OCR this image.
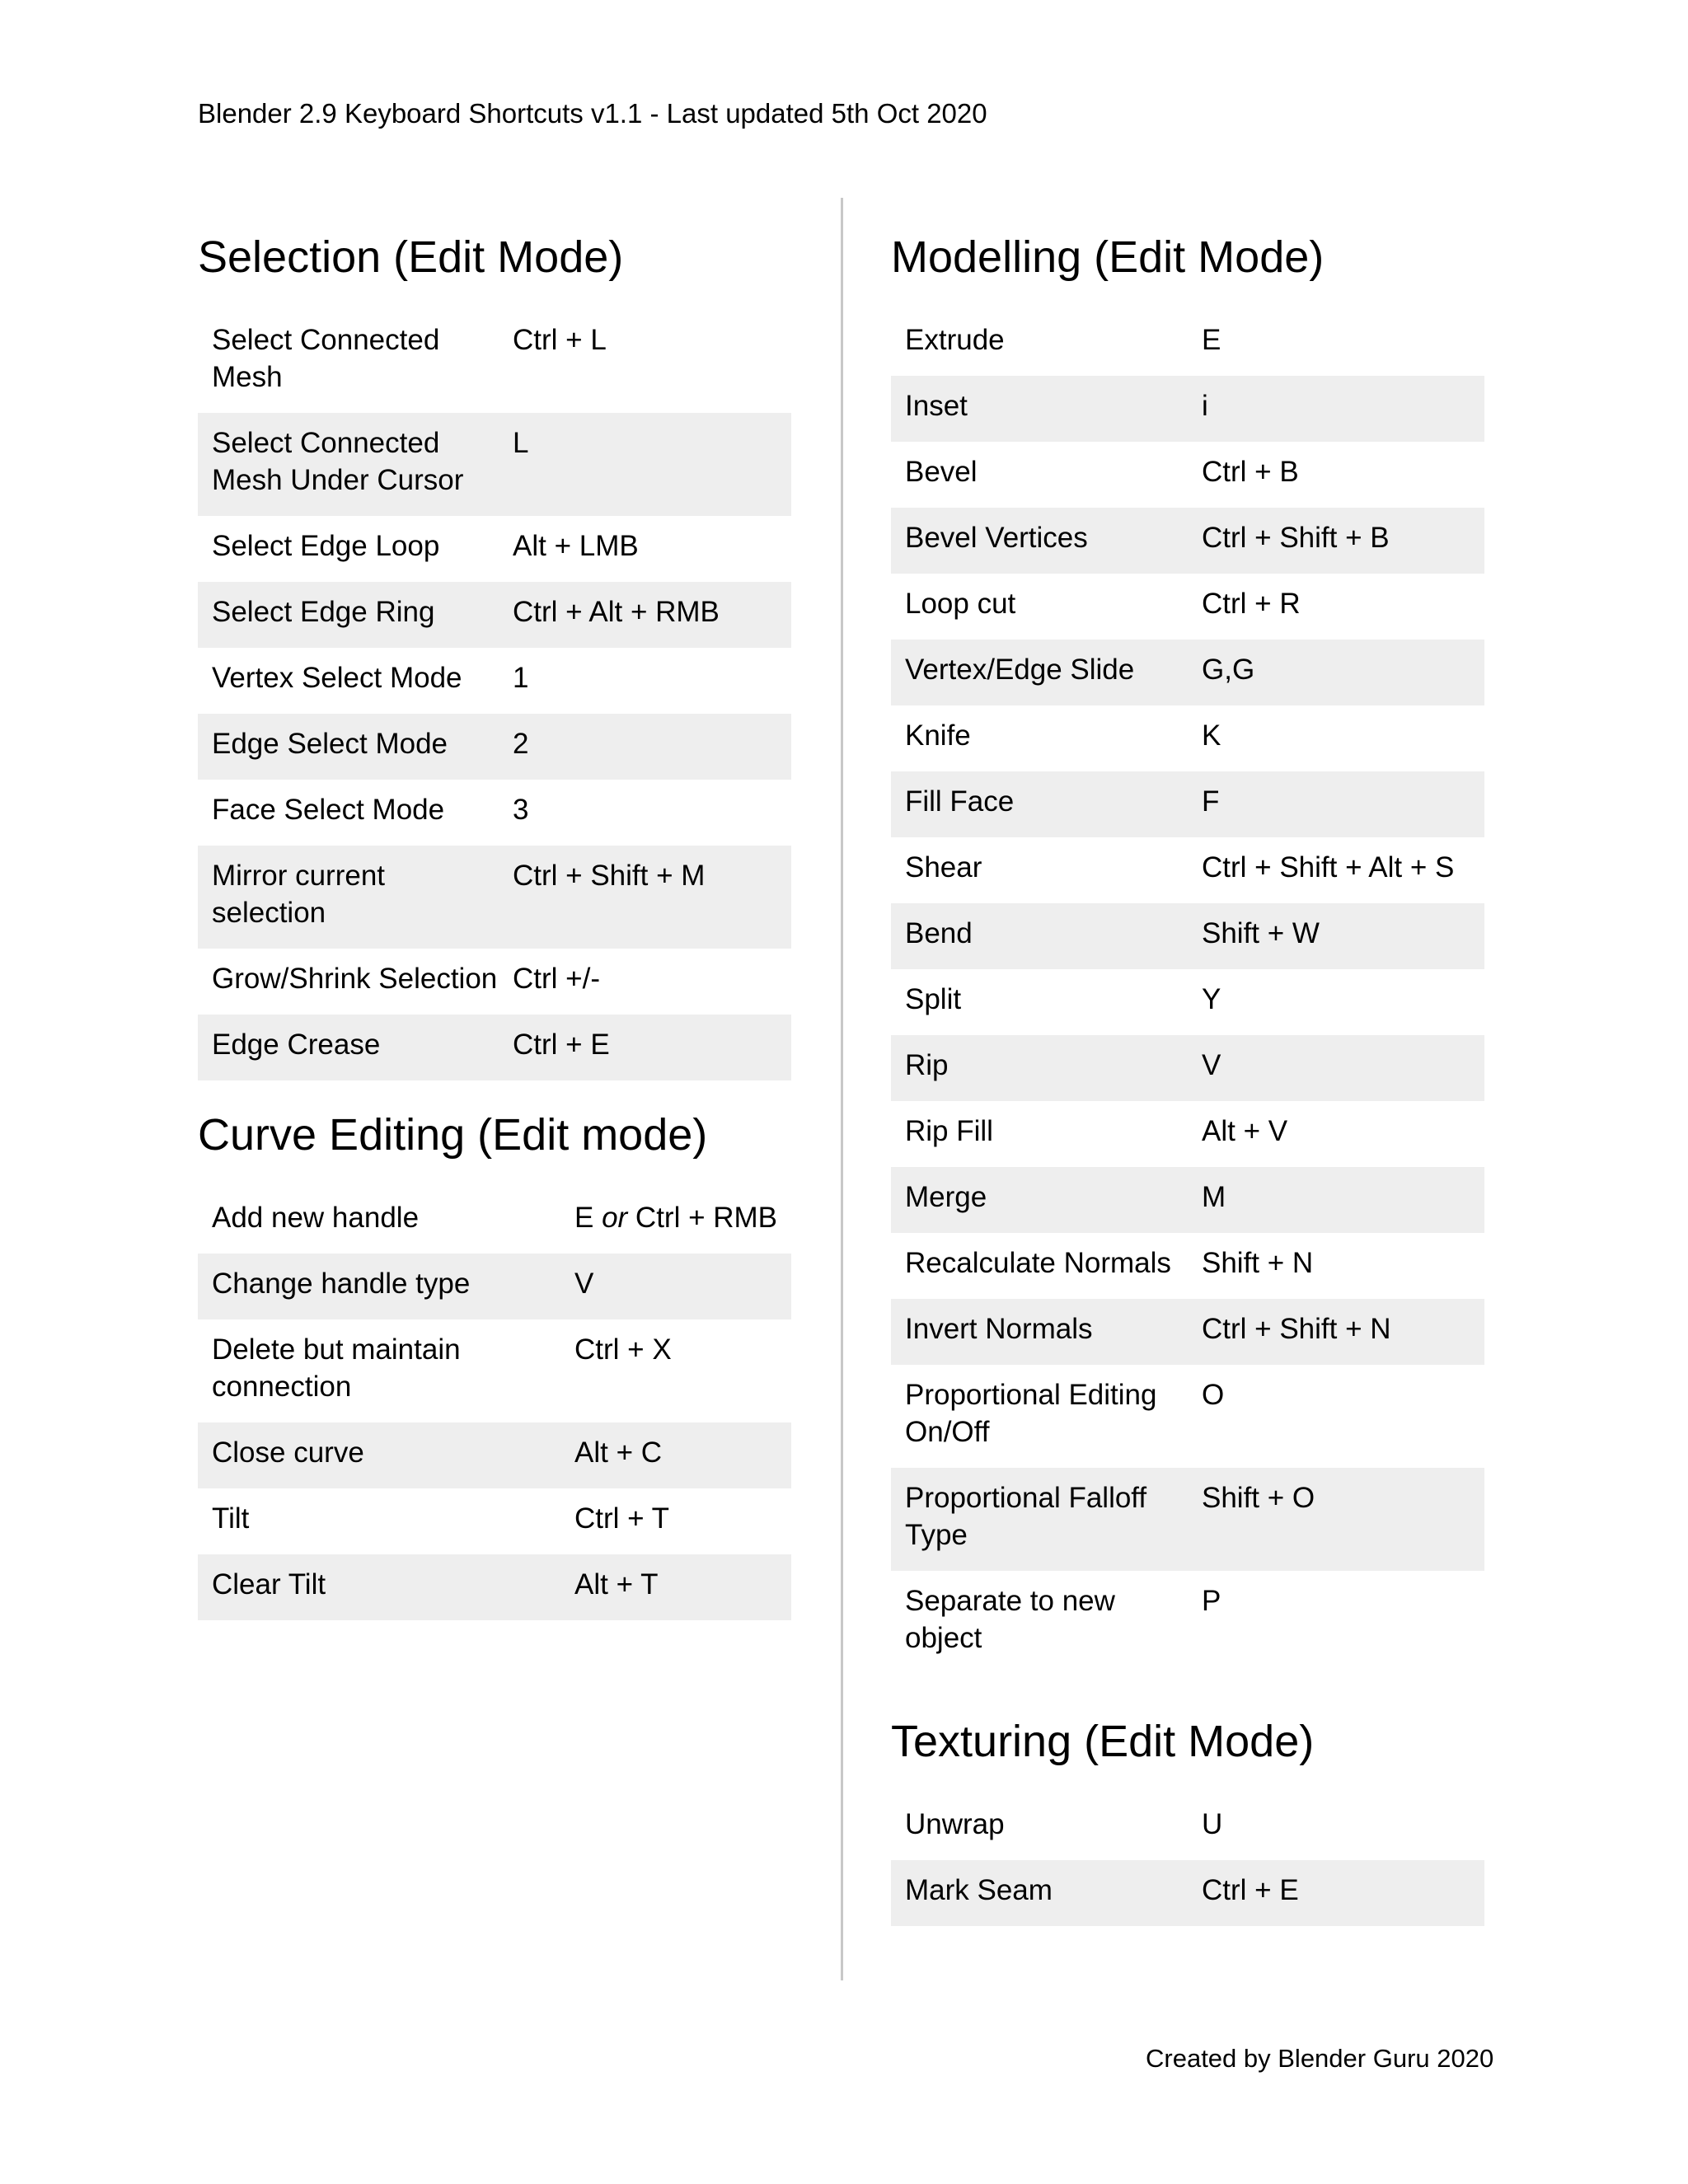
Blender 2.9 Keyboard Shortcuts v1.1 - Last updated 5th Oct 2020
Selection (Edit Mode)
Select Connected Mesh	Ctrl + L
Select Connected Mesh Under Cursor	L
Select Edge Loop	Alt + LMB
Select Edge Ring	Ctrl + Alt + RMB
Vertex Select Mode	1
Edge Select Mode	2
Face Select Mode	3
Mirror current selection	Ctrl + Shift + M
Grow/Shrink Selection	Ctrl +/-
Edge Crease	Ctrl + E
Curve Editing (Edit mode)
Add new handle	E or Ctrl + RMB
Change handle type	V
Delete but maintain connection	Ctrl + X
Close curve	Alt + C
Tilt	Ctrl + T
Clear Tilt	Alt + T
Modelling (Edit Mode)
Extrude	E
Inset	i
Bevel	Ctrl + B
Bevel Vertices	Ctrl + Shift + B
Loop cut	Ctrl + R
Vertex/Edge Slide	G,G
Knife	K
Fill Face	F
Shear	Ctrl + Shift + Alt + S
Bend	Shift + W
Split	Y
Rip	V
Rip Fill	Alt + V
Merge	M
Recalculate Normals	Shift + N
Invert Normals	Ctrl + Shift + N
Proportional Editing On/Off	O
Proportional Falloff Type	Shift + O
Separate to new object	P
Texturing (Edit Mode)
Unwrap	U
Mark Seam	Ctrl + E
Created by Blender Guru 2020
